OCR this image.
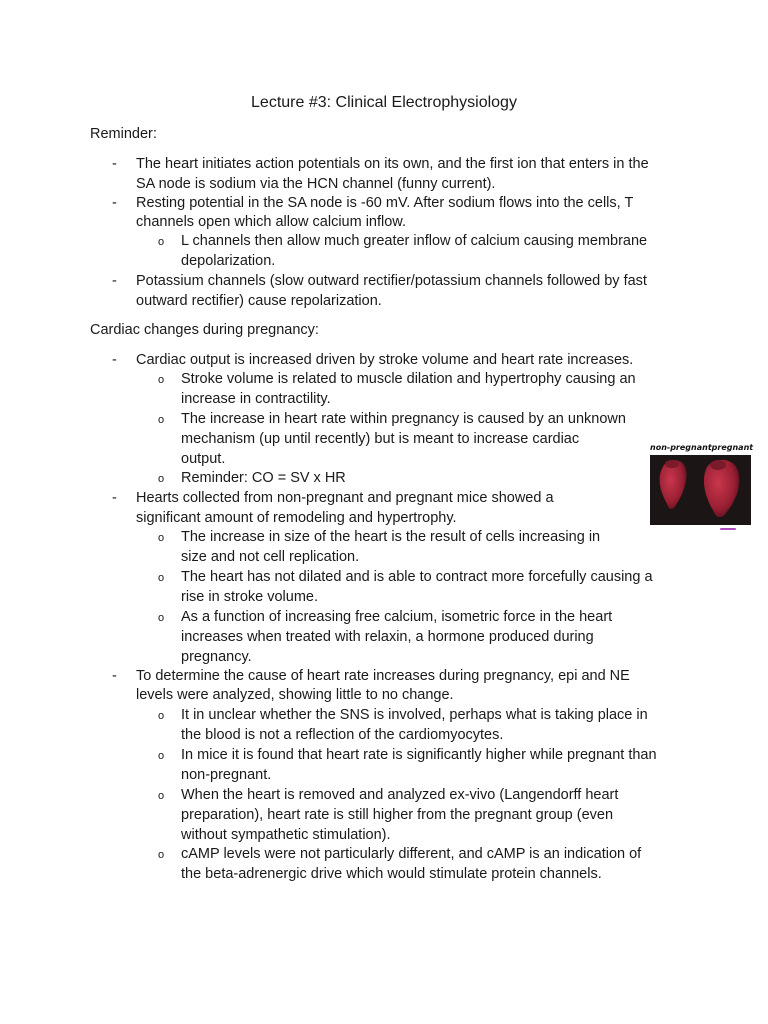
Lecture #3: Clinical Electrophysiology
Reminder:
- The heart initiates action potentials on its own, and the first ion that enters in the
SA node is sodium via the HCN channel (funny current).
- Resting potential in the SA node is -60 mV. After sodium flows into the cells, T
channels open which allow calcium inflow.
o L channels then allow much greater inflow of calcium causing membrane
depolarization.
- Potassium channels (slow outward rectifier/potassium channels followed by fast
outward rectifier) cause repolarization.
Cardiac changes during pregnancy:
- Cardiac output is increased driven by stroke volume and heart rate increases.
o Stroke volume is related to muscle dilation and hypertrophy causing an
increase in contractility.
o The increase in heart rate within pregnancy is caused by an unknown
mechanism (up until recently) but is meant to increase cardiac
output.
o Reminder: CO = SV x HR
- Hearts collected from non-pregnant and pregnant mice showed a
significant amount of remodeling and hypertrophy.
o The increase in size of the heart is the result of cells increasing in
size and not cell replication.
o The heart has not dilated and is able to contract more forcefully causing a
rise in stroke volume.
o As a function of increasing free calcium, isometric force in the heart
increases when treated with relaxin, a hormone produced during
pregnancy.
- To determine the cause of heart rate increases during pregnancy, epi and NE
levels were analyzed, showing little to no change.
o It in unclear whether the SNS is involved, perhaps what is taking place in
the blood is not a reflection of the cardiomyocytes.
o In mice it is found that heart rate is significantly higher while pregnant than
non-pregnant.
o When the heart is removed and analyzed ex-vivo (Langendorff heart
preparation), heart rate is still higher from the pregnant group (even
without sympathetic stimulation).
o cAMP levels were not particularly different, and cAMP is an indication of
the beta-adrenergic drive which would stimulate protein channels.
non-pregnantpregnant
